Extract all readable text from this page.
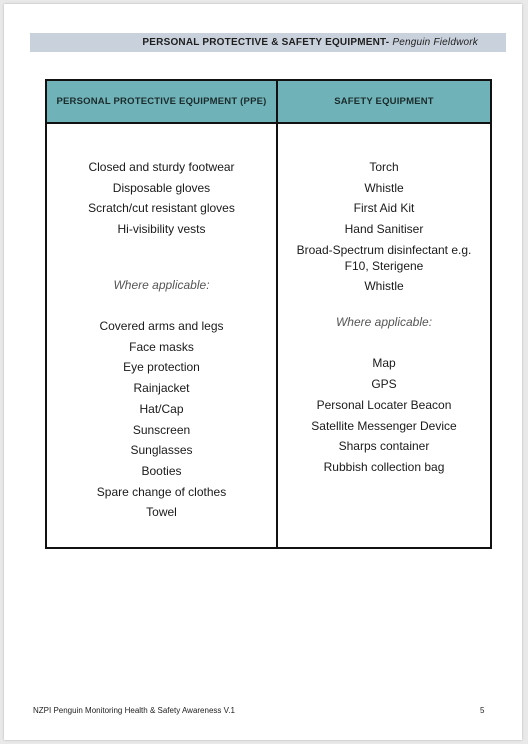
PERSONAL PROTECTIVE & SAFETY EQUIPMENT- Penguin Fieldwork
PERSONAL PROTECTIVE EQUIPMENT (PPE)	SAFETY EQUIPMENT
Closed and sturdy footwear
Disposable gloves
Scratch/cut resistant gloves
Hi-visibility vests
Where applicable:
Covered arms and legs
Face masks
Eye protection
Rainjacket
Hat/Cap
Sunscreen
Sunglasses
Booties
Spare change of clothes
Towel
Torch
Whistle
First Aid Kit
Hand Sanitiser
Broad-Spectrum disinfectant e.g. F10, Sterigene
Whistle
Where applicable:
Map
GPS
Personal Locater Beacon
Satellite Messenger Device
Sharps container
Rubbish collection bag
NZPI Penguin Monitoring Health & Safety Awareness V.1	5
